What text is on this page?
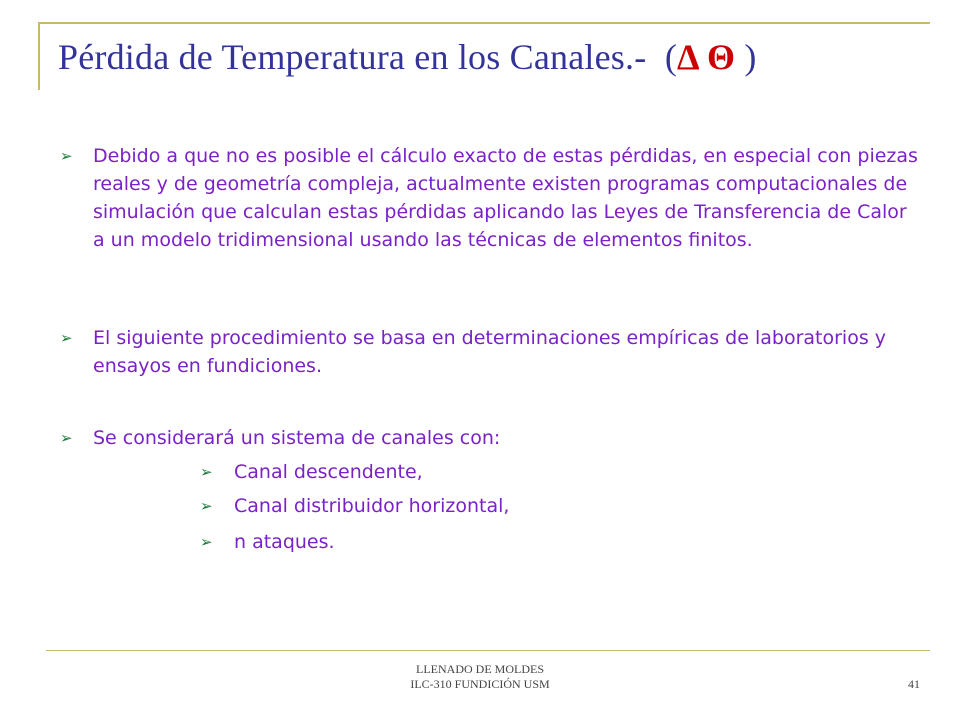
Pérdida de Temperatura en los Canales.- (Δ Θ )
➢	Debido a que no es posible el cálculo exacto de estas pérdidas, en especial con piezas reales y de geometría compleja, actualmente existen programas computacionales de simulación que calculan estas pérdidas aplicando las Leyes de Transferencia de Calor a un modelo tridimensional usando las técnicas de elementos finitos.
➢	El siguiente procedimiento se basa en determinaciones empíricas de laboratorios y ensayos en fundiciones.
➢	Se considerará un sistema de canales con:
➢	Canal descendente,
➢	Canal distribuidor horizontal,
➢	n ataques.
LLENADO DE MOLDES
ILC-310 FUNDICIÓN USM	41
